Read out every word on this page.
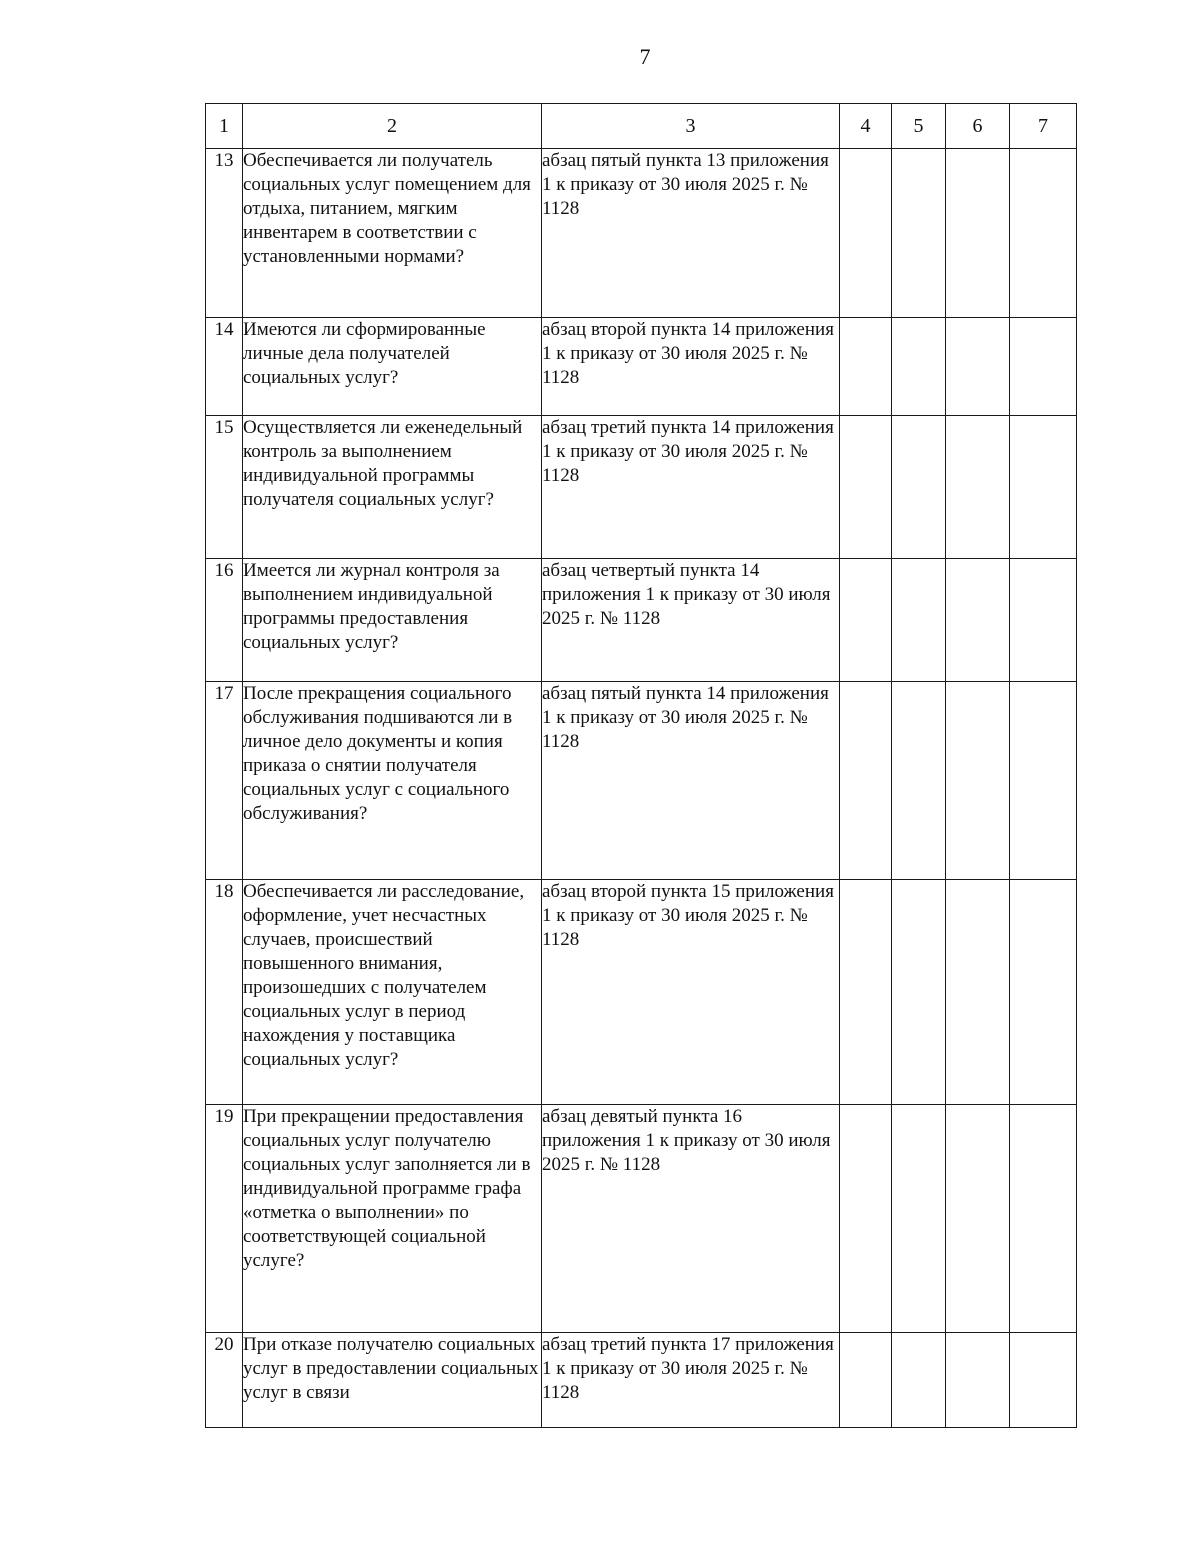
7
1	2	3	4	5	6	7
13	Обеспечивается ли получатель социальных услуг помещением для отдыха, питанием, мягким инвентарем в соответствии с установленными нормами?	абзац пятый пункта 13 приложения 1 к приказу от 30 июля 2025 г. № 1128				
14	Имеются ли сформированные личные дела получателей социальных услуг?	абзац второй пункта 14 приложения 1 к приказу от 30 июля 2025 г. № 1128				
15	Осуществляется ли еженедельный контроль за выполнением индивидуальной программы получателя социальных услуг?	абзац третий пункта 14 приложения 1 к приказу от 30 июля 2025 г. № 1128				
16	Имеется ли журнал контроля за выполнением индивидуальной программы предоставления социальных услуг?	абзац четвертый пункта 14 приложения 1 к приказу от 30 июля 2025 г. № 1128				
17	После прекращения социального обслуживания подшиваются ли в личное дело документы и копия приказа о снятии получателя социальных услуг с социального обслуживания?	абзац пятый пункта 14 приложения 1 к приказу от 30 июля 2025 г. № 1128				
18	Обеспечивается ли расследование, оформление, учет несчастных случаев, происшествий повышенного внимания, произошедших с получателем социальных услуг в период нахождения у поставщика социальных услуг?	абзац второй пункта 15 приложения 1 к приказу от 30 июля 2025 г. № 1128				
19	При прекращении предоставления социальных услуг получателю социальных услуг заполняется ли в индивидуальной программе графа «отметка о выполнении» по соответствующей социальной услуге?	абзац девятый пункта 16 приложения 1 к приказу от 30 июля 2025 г. № 1128				
20	При отказе получателю социальных услуг в предоставлении социальных услуг в связи	абзац третий пункта 17 приложения 1 к приказу от 30 июля 2025 г. № 1128				
